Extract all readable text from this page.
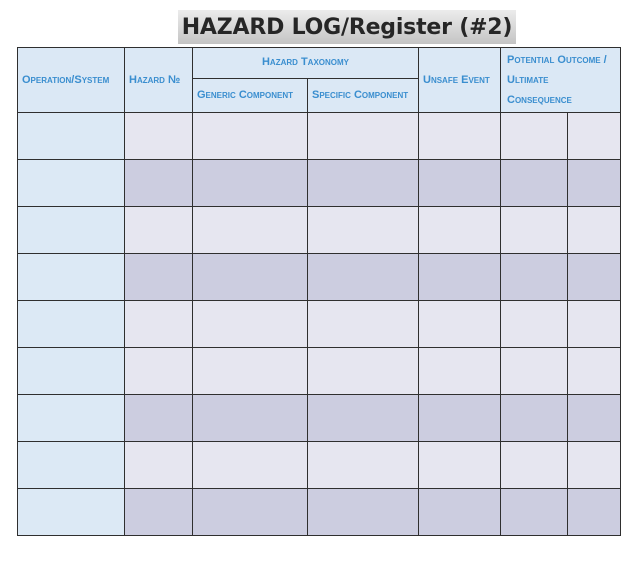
HAZARD LOG/Register (#2)
Operation/System	Hazard №	Hazard Taxonomy		Unsafe Event	Potential Outcome / Ultimate Consequence	
		Generic Component	Specific Component			
